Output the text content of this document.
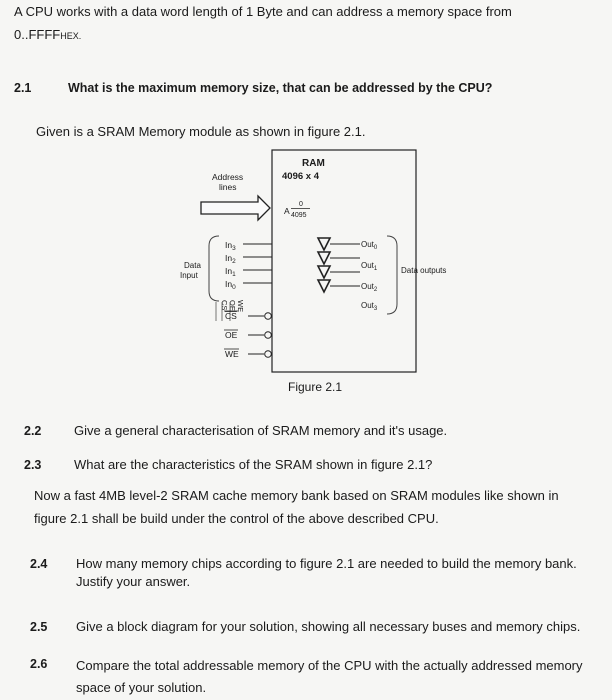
A CPU works with a data word length of 1 Byte and can address a memory space from
0..FFFFHEX.
2.1	What is the maximum memory size, that can be addressed by the CPU?
Given is a SRAM Memory module as shown in figure 2.1.
RAM
4096 x 4
Address
lines
A
0
4095
Data
Input
$In_3$
$In_2$
$In_1$
$In_0$
CS OE WE
CS
OE
WE
Out$_0$
Out$_1$
Out$_2$
Out$_3$
Data outputs
Figure 2.1
2.2	Give a general characterisation of SRAM memory and it's usage.
2.3	What are the characteristics of the SRAM shown in figure 2.1?
Now a fast 4MB level-2 SRAM cache memory bank based on SRAM modules like shown in
figure 2.1 shall be build under the control of the above described CPU.
2.4 How many memory chips according to figure 2.1 are needed to build the memory bank.
Justify your answer.
2.5 Give a block diagram for your solution, showing all necessary buses and memory chips.
2.6 Compare the total addressable memory of the CPU with the actually addressed memory
space of your solution.
